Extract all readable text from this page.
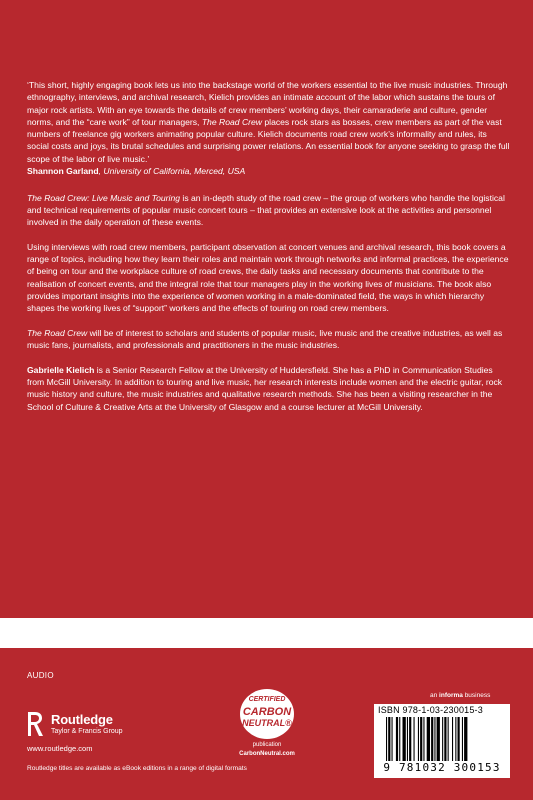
‘This short, highly engaging book lets us into the backstage world of the workers essential to the live music industries. Through ethnography, interviews, and archival research, Kielich provides an intimate account of the labor which sustains the tours of major rock artists. With an eye towards the details of crew members’ working days, their camaraderie and culture, gender norms, and the “care work” of tour managers, The Road Crew places rock stars as bosses, crew members as part of the vast numbers of freelance gig workers animating popular culture. Kielich documents road crew work’s informality and rules, its social costs and joys, its brutal schedules and surprising power relations. An essential book for anyone seeking to grasp the full scope of the labor of live music.’

Shannon Garland, University of California, Merced, USA

The Road Crew: Live Music and Touring is an in-depth study of the road crew – the group of workers who handle the logistical and technical requirements of popular music concert tours – that provides an extensive look at the activities and personnel involved in the daily operation of these events.

Using interviews with road crew members, participant observation at concert venues and archival research, this book covers a range of topics, including how they learn their roles and maintain work through networks and informal practices, the experience of being on tour and the workplace culture of road crews, the daily tasks and necessary documents that contribute to the realisation of concert events, and the integral role that tour managers play in the working lives of musicians. The book also provides important insights into the experience of women working in a male-dominated field, the ways in which hierarchy shapes the working lives of “support” workers and the effects of touring on road crew members.

The Road Crew will be of interest to scholars and students of popular music, live music and the creative industries, as well as music fans, journalists, and professionals and practitioners in the music industries.

Gabrielle Kielich is a Senior Research Fellow at the University of Huddersfield. She has a PhD in Communication Studies from McGill University. In addition to touring and live music, her research interests include women and the electric guitar, rock music history and culture, the music industries and qualitative research methods. She has been a visiting researcher in the School of Culture & Creative Arts at the University of Glasgow and a course lecturer at McGill University.

AUDIO
Routledge
Taylor & Francis Group
www.routledge.com
Routledge titles are available as eBook editions in a range of digital formats
CERTIFIED
CARBON
NEUTRAL®
publication
CarbonNeutral.com
an informa business
ISBN 978-1-03-230015-3
9 781032 300153
